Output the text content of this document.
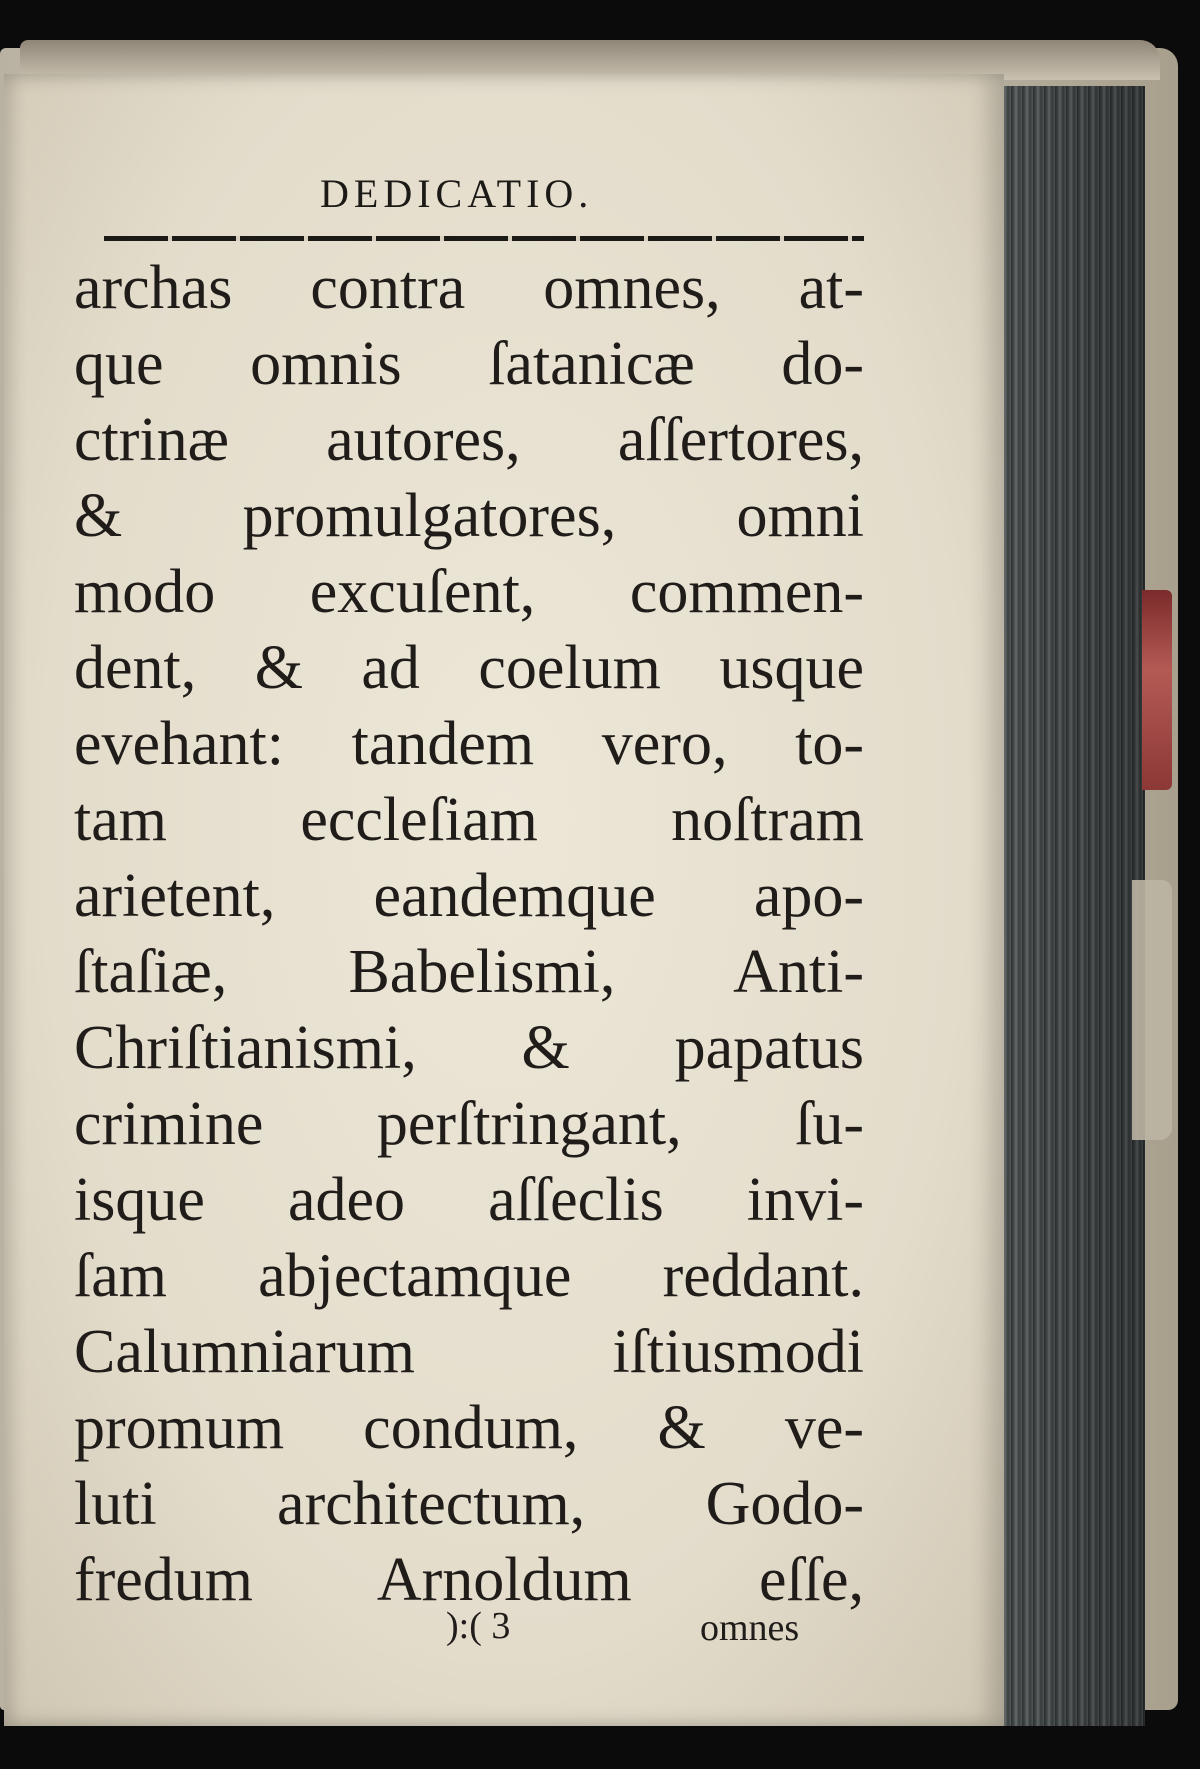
DEDICATIO.
archas contra omnes, at-
que omnis ſatanicæ do-
ctrinæ autores, aſſertores,
& promulgatores, omni
modo excuſent, commen-
dent, & ad coelum usque
evehant: tandem vero, to-
tam eccleſiam noſtram
arietent, eandemque apo-
ſtaſiæ, Babelismi, Anti-
Chriſtianismi, & papatus
crimine perſtringant, ſu-
isque adeo aſſeclis invi-
ſam abjectamque reddant.
Calumniarum iſtiusmodi
promum condum, & ve-
luti architectum, Godo-
fredum Arnoldum eſſe,
):( 3	omnes
